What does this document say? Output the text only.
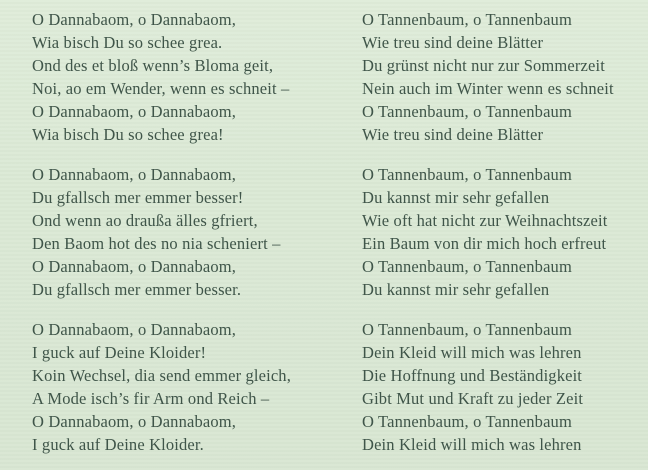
O Dannabaom, o Dannabaom,
Wia bisch Du so schee grea.
Ond des et bloß wenn’s Bloma geit,
Noi, ao em Wender, wenn es schneit –
O Dannabaom, o Dannabaom,
Wia bisch Du so schee grea!
O Dannabaom, o Dannabaom,
Du gfallsch mer emmer besser!
Ond wenn ao draußa älles gfriert,
Den Baom hot des no nia scheniert –
O Dannabaom, o Dannabaom,
Du gfallsch mer emmer besser.
O Dannabaom, o Dannabaom,
I guck auf Deine Kloider!
Koin Wechsel, dia send emmer gleich,
A Mode isch’s fir Arm ond Reich –
O Dannabaom, o Dannabaom,
I guck auf Deine Kloider.
O Tannenbaum, o Tannenbaum
Wie treu sind deine Blätter
Du grünst nicht nur zur Sommerzeit
Nein auch im Winter wenn es schneit
O Tannenbaum, o Tannenbaum
Wie treu sind deine Blätter
O Tannenbaum, o Tannenbaum
Du kannst mir sehr gefallen
Wie oft hat nicht zur Weihnachtszeit
Ein Baum von dir mich hoch erfreut
O Tannenbaum, o Tannenbaum
Du kannst mir sehr gefallen
O Tannenbaum, o Tannenbaum
Dein Kleid will mich was lehren
Die Hoffnung und Beständigkeit
Gibt Mut und Kraft zu jeder Zeit
O Tannenbaum, o Tannenbaum
Dein Kleid will mich was lehren
